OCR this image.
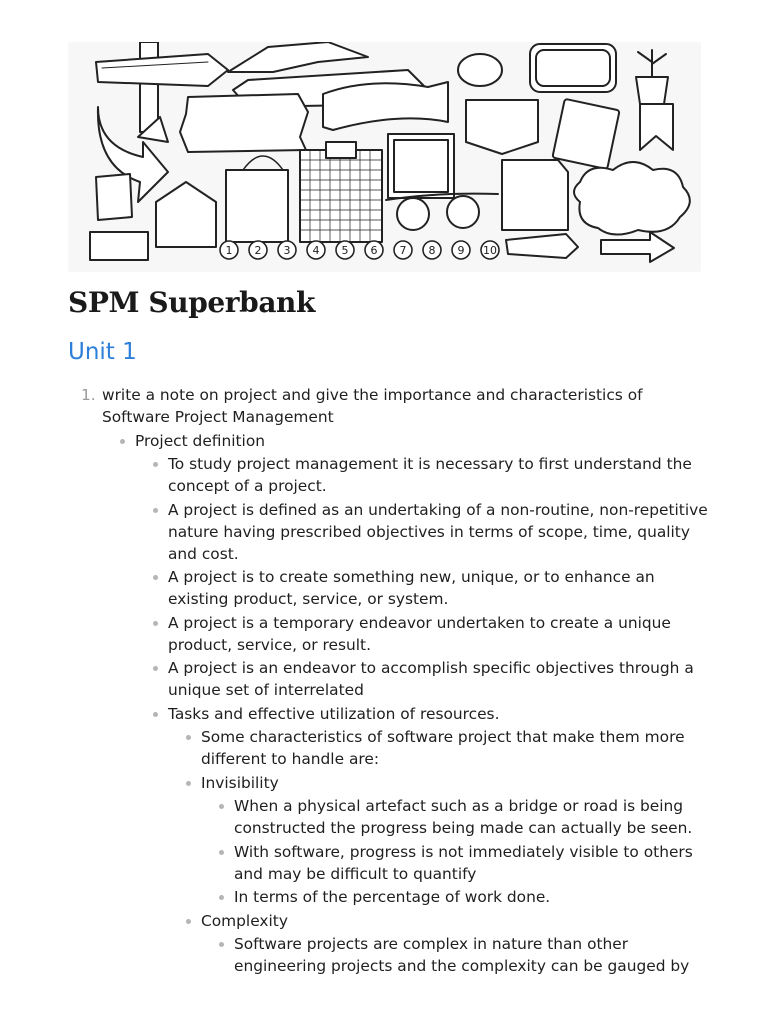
1 2 3 4 5 6 7 8 9 10
SPM Superbank
Unit 1
1. write a note on project and give the importance and characteristics of Software Project Management
Project definition
To study project management it is necessary to first understand the concept of a project.
A project is defined as an undertaking of a non-routine, non-repetitive nature having prescribed objectives in terms of scope, time, quality and cost.
A project is to create something new, unique, or to enhance an existing product, service, or system.
A project is a temporary endeavor undertaken to create a unique product, service, or result.
A project is an endeavor to accomplish specific objectives through a unique set of interrelated
Tasks and effective utilization of resources.
Some characteristics of software project that make them more different to handle are:
Invisibility
When a physical artefact such as a bridge or road is being constructed the progress being made can actually be seen.
With software, progress is not immediately visible to others and may be difficult to quantify
In terms of the percentage of work done.
Complexity
Software projects are complex in nature than other engineering projects and the complexity can be gauged by
